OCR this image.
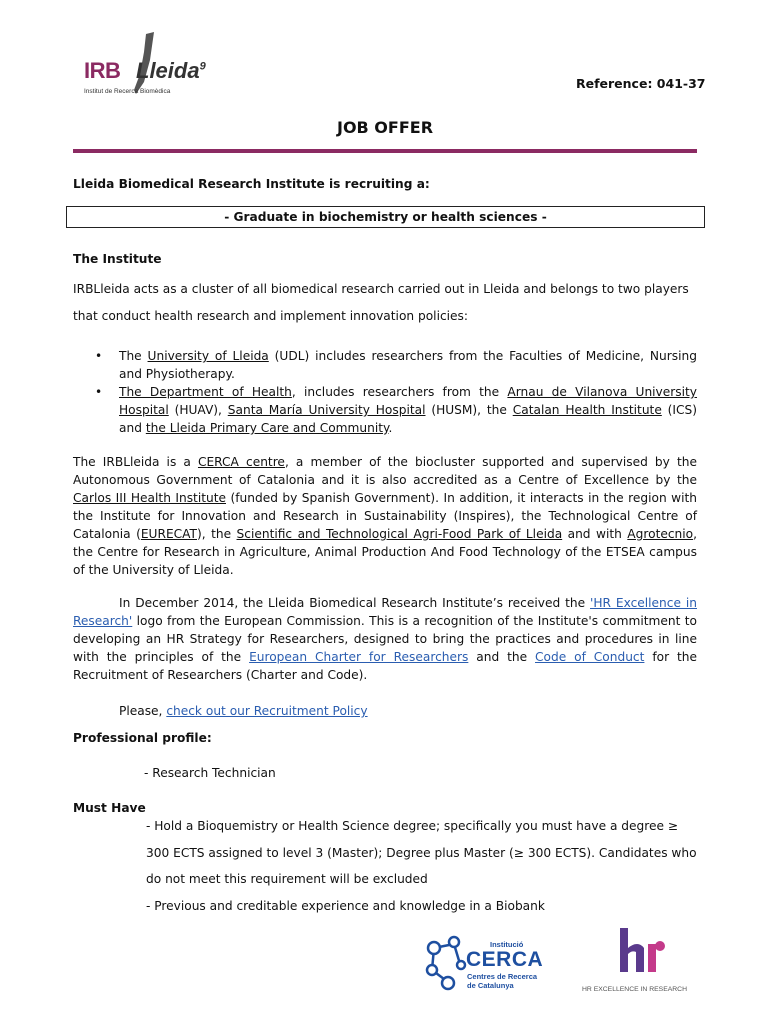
IRB Lleida$^9$
Institut de Recerca Biomèdica
Reference: 041-37
JOB OFFER
Lleida Biomedical Research Institute is recruiting a:
- Graduate in biochemistry or health sciences -
The Institute
IRBLleida acts as a cluster of all biomedical research carried out in Lleida and belongs to two players that conduct health research and implement innovation policies:
• The University of Lleida (UDL) includes researchers from the Faculties of Medicine, Nursing and Physiotherapy.
• The Department of Health, includes researchers from the Arnau de Vilanova University Hospital (HUAV), Santa María University Hospital (HUSM), the Catalan Health Institute (ICS) and the Lleida Primary Care and Community.
The IRBLleida is a CERCA centre, a member of the biocluster supported and supervised by the Autonomous Government of Catalonia and it is also accredited as a Centre of Excellence by the Carlos III Health Institute (funded by Spanish Government). In addition, it interacts in the region with the Institute for Innovation and Research in Sustainability (Inspires), the Technological Centre of Catalonia (EURECAT), the Scientific and Technological Agri-Food Park of Lleida and with Agrotecnio, the Centre for Research in Agriculture, Animal Production And Food Technology of the ETSEA campus of the University of Lleida.
In December 2014, the Lleida Biomedical Research Institute’s received the 'HR Excellence in Research' logo from the European Commission. This is a recognition of the Institute's commitment to developing an HR Strategy for Researchers, designed to bring the practices and procedures in line with the principles of the European Charter for Researchers and the Code of Conduct for the Recruitment of Researchers (Charter and Code).
Please, check out our Recruitment Policy
Professional profile:
- Research Technician
Must Have
- Hold a Bioquemistry or Health Science degree; specifically you must have a degree ≥
300 ECTS assigned to level 3 (Master); Degree plus Master (≥ 300 ECTS). Candidates who
do not meet this requirement will be excluded
- Previous and creditable experience and knowledge in a Biobank
Institució
CERCA
Centres de Recerca
de Catalunya	HR EXCELLENCE IN RESEARCH
